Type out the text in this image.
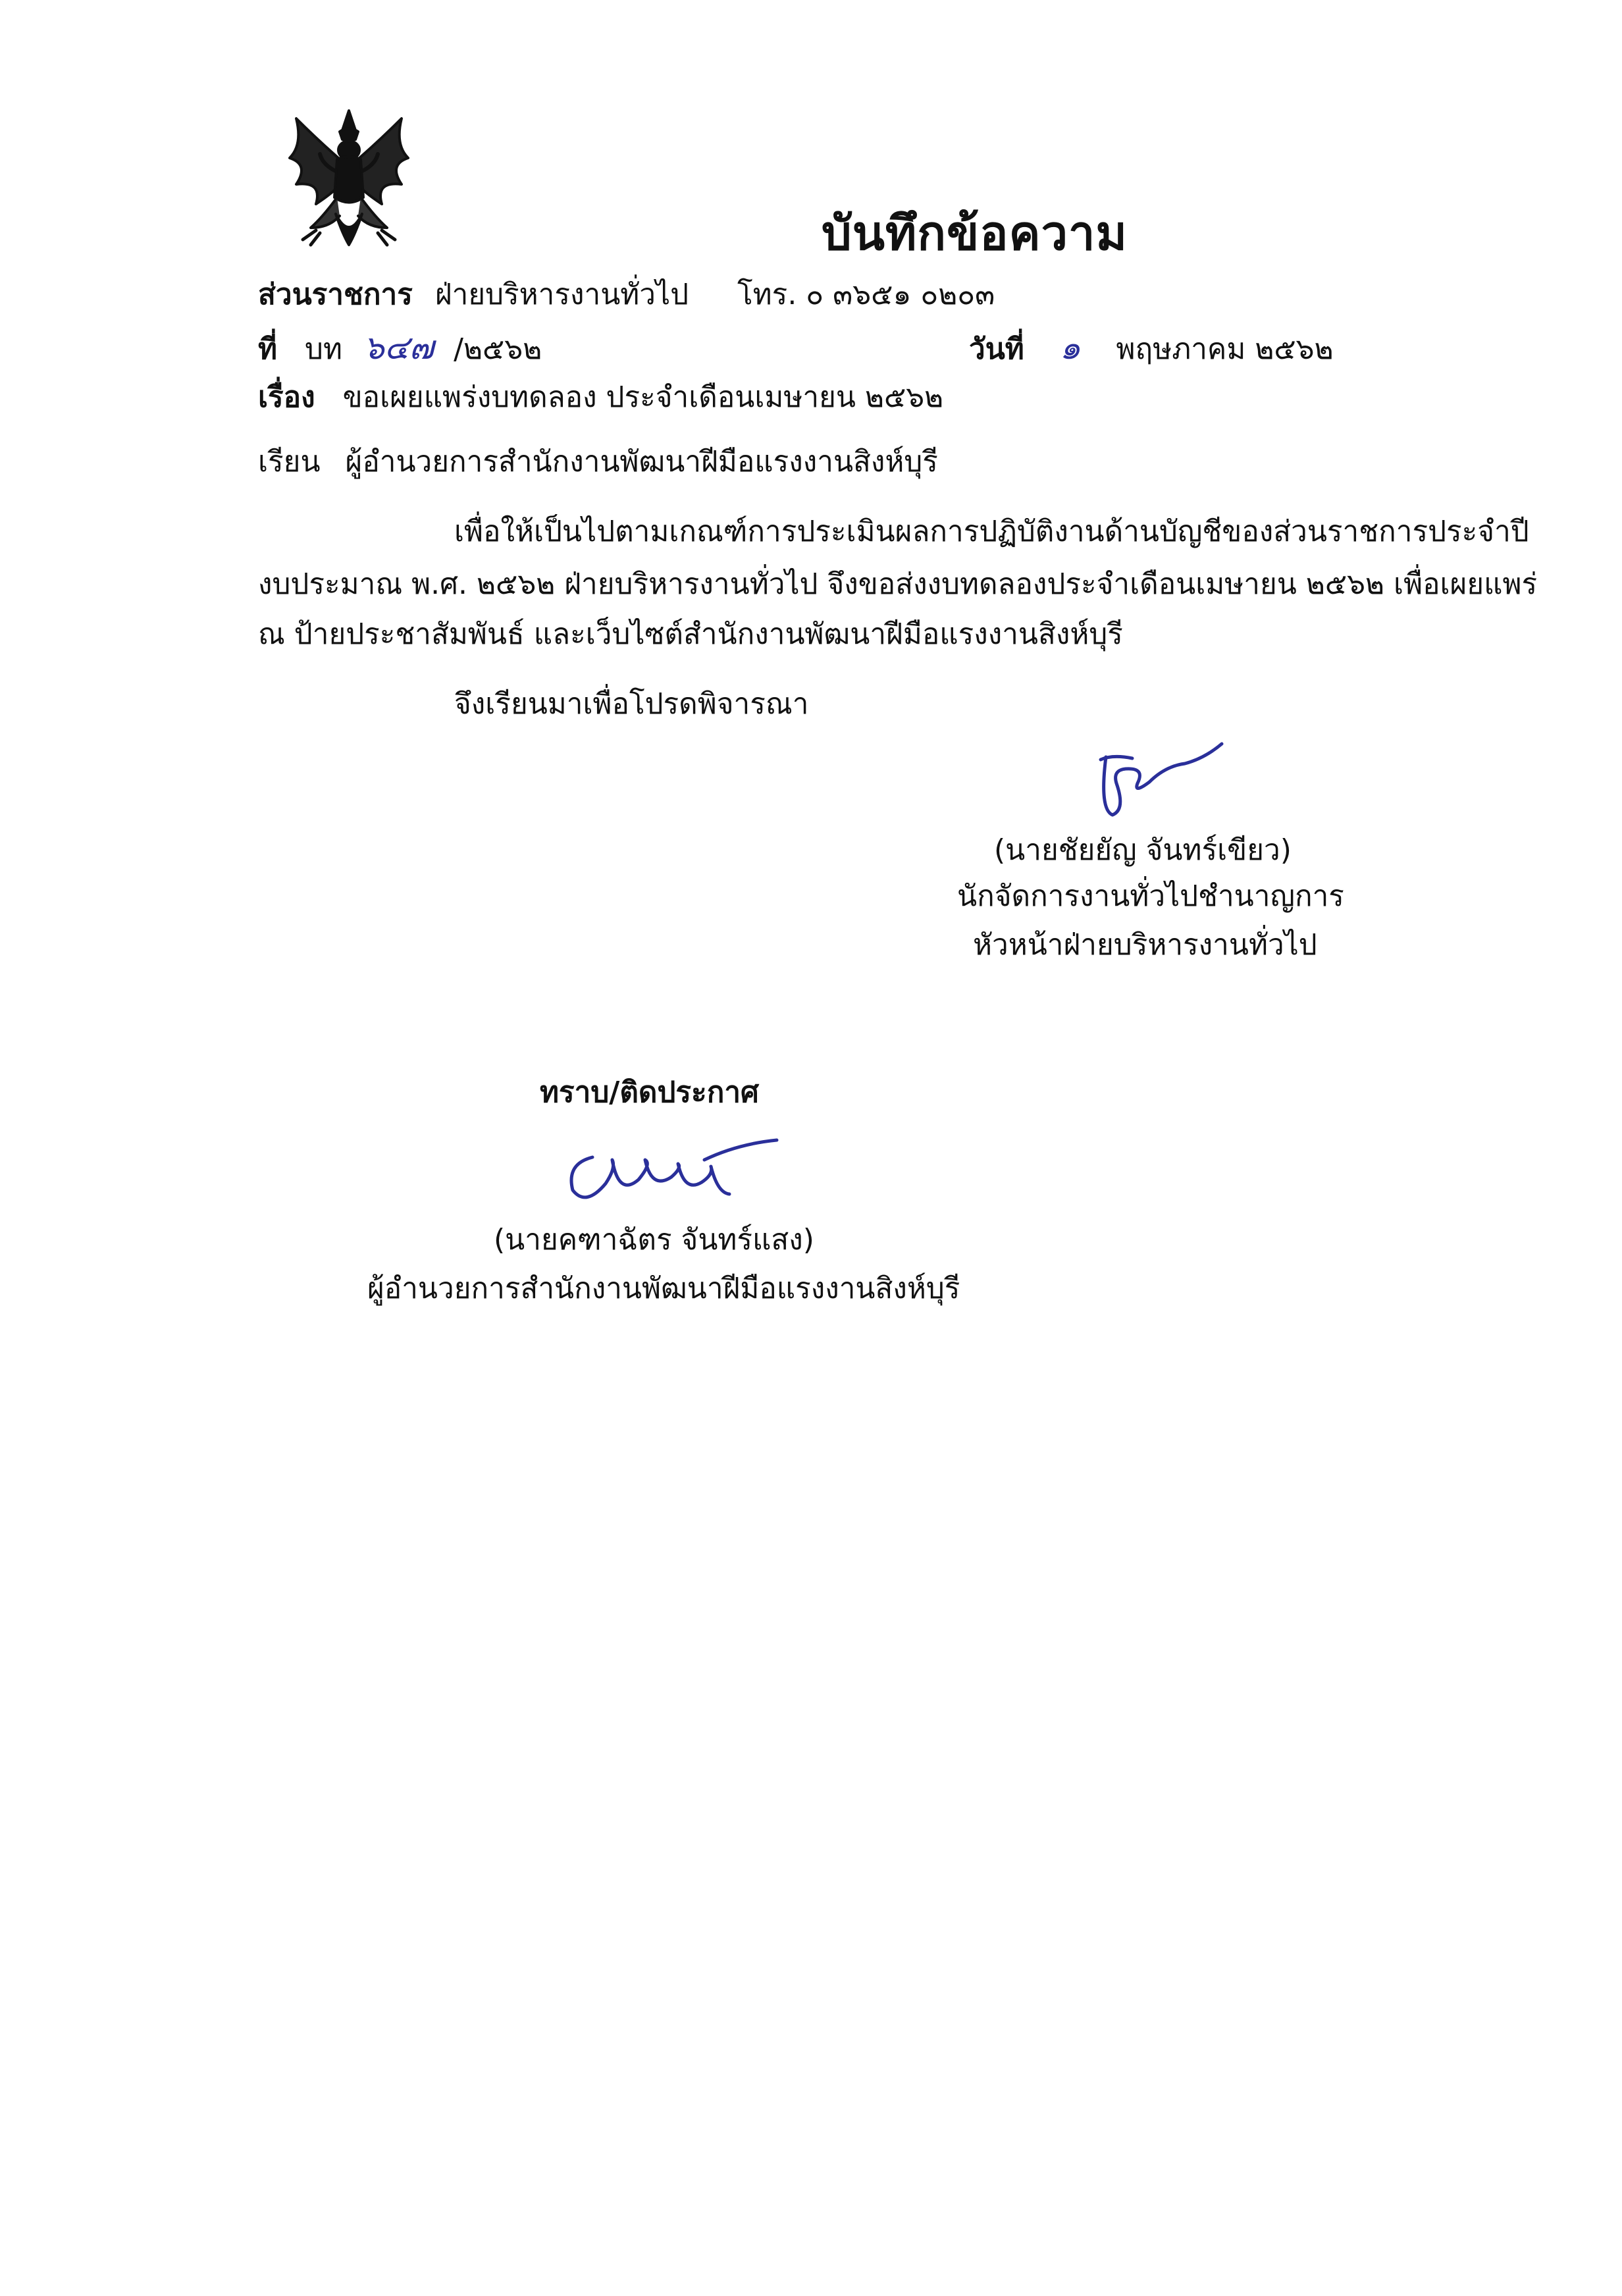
บันทึกข้อความ
ส่วนราชการ ฝ่ายบริหารงานทั่วไป โทร. ๐ ๓๖๕๑ ๐๒๐๓
ที่ บท ๖๔๗ /๒๕๖๒	วันที่ ๑ พฤษภาคม ๒๕๖๒
เรื่อง ขอเผยแพร่งบทดลอง ประจำเดือนเมษายน ๒๕๖๒
เรียน ผู้อำนวยการสำนักงานพัฒนาฝีมือแรงงานสิงห์บุรี
เพื่อให้เป็นไปตามเกณฑ์การประเมินผลการปฏิบัติงานด้านบัญชีของส่วนราชการประจำปี
งบประมาณ พ.ศ. ๒๕๖๒ ฝ่ายบริหารงานทั่วไป จึงขอส่งงบทดลองประจำเดือนเมษายน ๒๕๖๒ เพื่อเผยแพร่
ณ ป้ายประชาสัมพันธ์ และเว็บไซต์สำนักงานพัฒนาฝีมือแรงงานสิงห์บุรี
จึงเรียนมาเพื่อโปรดพิจารณา
(นายชัยยัญ จันทร์เขียว)
นักจัดการงานทั่วไปชำนาญการ
หัวหน้าฝ่ายบริหารงานทั่วไป
ทราบ/ติดประกาศ
(นายคฑาฉัตร จันทร์แสง)
ผู้อำนวยการสำนักงานพัฒนาฝีมือแรงงานสิงห์บุรี
